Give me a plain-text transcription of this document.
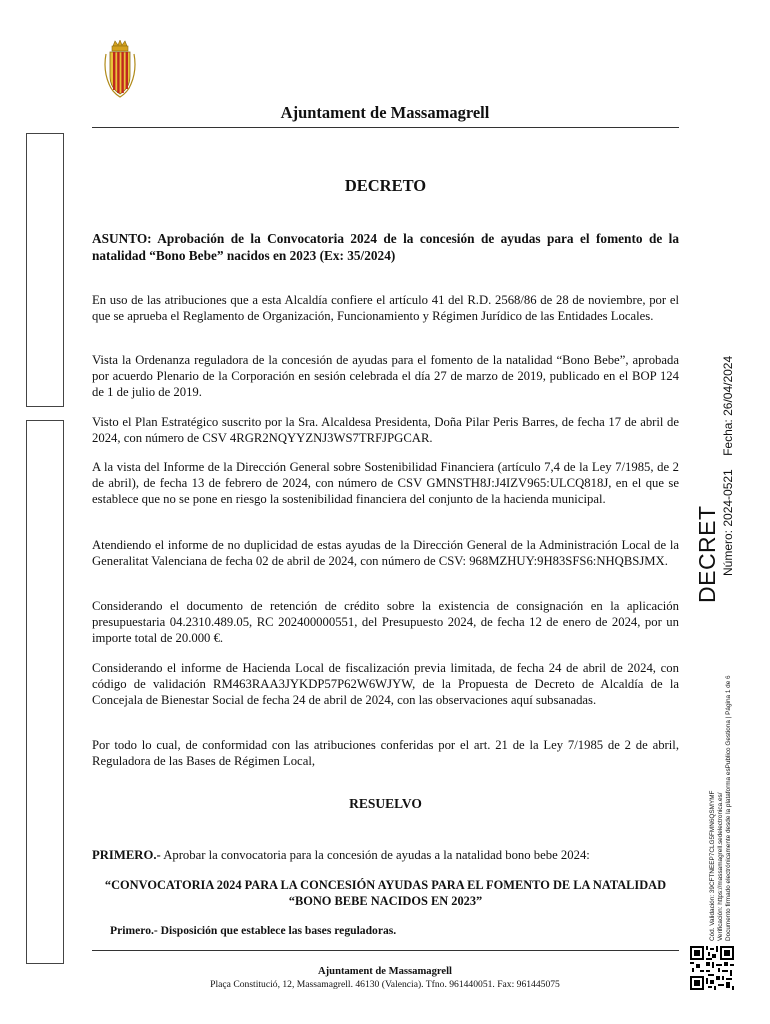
Ajuntament de Massamagrell
DECRETO
ASUNTO: Aprobación de la Convocatoria 2024 de la concesión de ayudas para el fomento de la natalidad “Bono Bebe” nacidos en 2023 (Ex: 35/2024)
En uso de las atribuciones que a esta Alcaldía confiere el artículo 41 del R.D. 2568/86 de 28 de noviembre, por el que se aprueba el Reglamento de Organización, Funcionamiento y Régimen Jurídico de las Entidades Locales.
Vista la Ordenanza reguladora de la concesión de ayudas para el fomento de la natalidad “Bono Bebe”, aprobada por acuerdo Plenario de la Corporación en sesión celebrada el día 27 de marzo de 2019, publicado en el BOP 124 de 1 de julio de 2019.
Visto el Plan Estratégico suscrito por la Sra. Alcaldesa Presidenta, Doña Pilar Peris Barres, de fecha 17 de abril de 2024, con número de CSV 4RGR2NQYYZNJ3WS7TRFJPGCAR.
A la vista del Informe de la Dirección General sobre Sostenibilidad Financiera (artículo 7,4 de la Ley 7/1985, de 2 de abril), de fecha 13 de febrero de 2024, con número de CSV GMNSTH8J:J4IZV965:ULCQ818J, en el que se establece que no se pone en riesgo la sostenibilidad financiera del conjunto de la hacienda municipal.
Atendiendo el informe de no duplicidad de estas ayudas de la Dirección General de la Administración Local de la Generalitat Valenciana de fecha 02 de abril de 2024, con número de CSV: 968MZHUY:9H83SFS6:NHQBSJMX.
Considerando el documento de retención de crédito sobre la existencia de consignación en la aplicación presupuestaria 04.2310.489.05, RC 202400000551, del Presupuesto 2024, de fecha 12 de enero de 2024, por un importe total de 20.000 €.
Considerando el informe de Hacienda Local de fiscalización previa limitada, de fecha 24 de abril de 2024, con código de validación RM463RAA3JYKDP57P62W6WJYW, de la Propuesta de Decreto de Alcaldía de la Concejala de Bienestar Social de fecha 24 de abril de 2024, con las observaciones aquí subsanadas.
Por todo lo cual, de conformidad con las atribuciones conferidas por el art. 21 de la Ley 7/1985 de 2 de abril, Reguladora de las Bases de Régimen Local,
RESUELVO
PRIMERO.- Aprobar la convocatoria para la concesión de ayudas a la natalidad bono bebe 2024:
“CONVOCATORIA 2024 PARA LA CONCESIÓN AYUDAS PARA EL FOMENTO DE LA NATALIDAD “BONO BEBE NACIDOS EN 2023”
Primero.- Disposición que establece las bases reguladoras.
Ajuntament de Massamagrell
Plaça Constitució, 12, Massamagrell. 46130 (Valencia). Tfno. 961440051. Fax: 961445075
DECRET Número: 2024-0521    Fecha: 26/04/2024
Cód. Validación: 39CFTNEEP7CLG5FMN6QSMYMF Verificación: https://massamagrell.sedelectronica.es/ Documento firmado electrónicamente desde la plataforma esPublico Gestiona | Página 1 de 6
